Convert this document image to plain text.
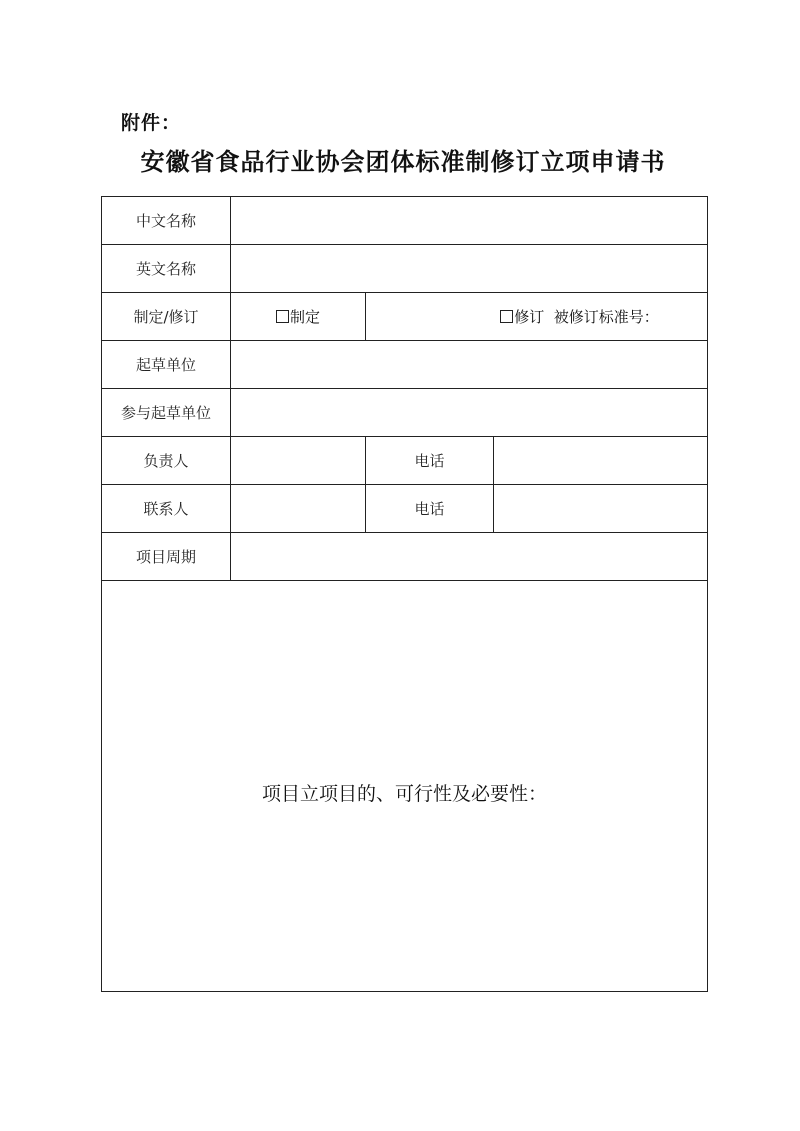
附件：
安徽省食品行业协会团体标准制修订立项申请书
中文名称			
英文名称			
制定/修订	制定	修订 被修订标准号：	
起草单位			
参与起草单位			
负责人		电话	
联系人		电话	
项目周期			

项目立项目的、可行性及必要性：			
